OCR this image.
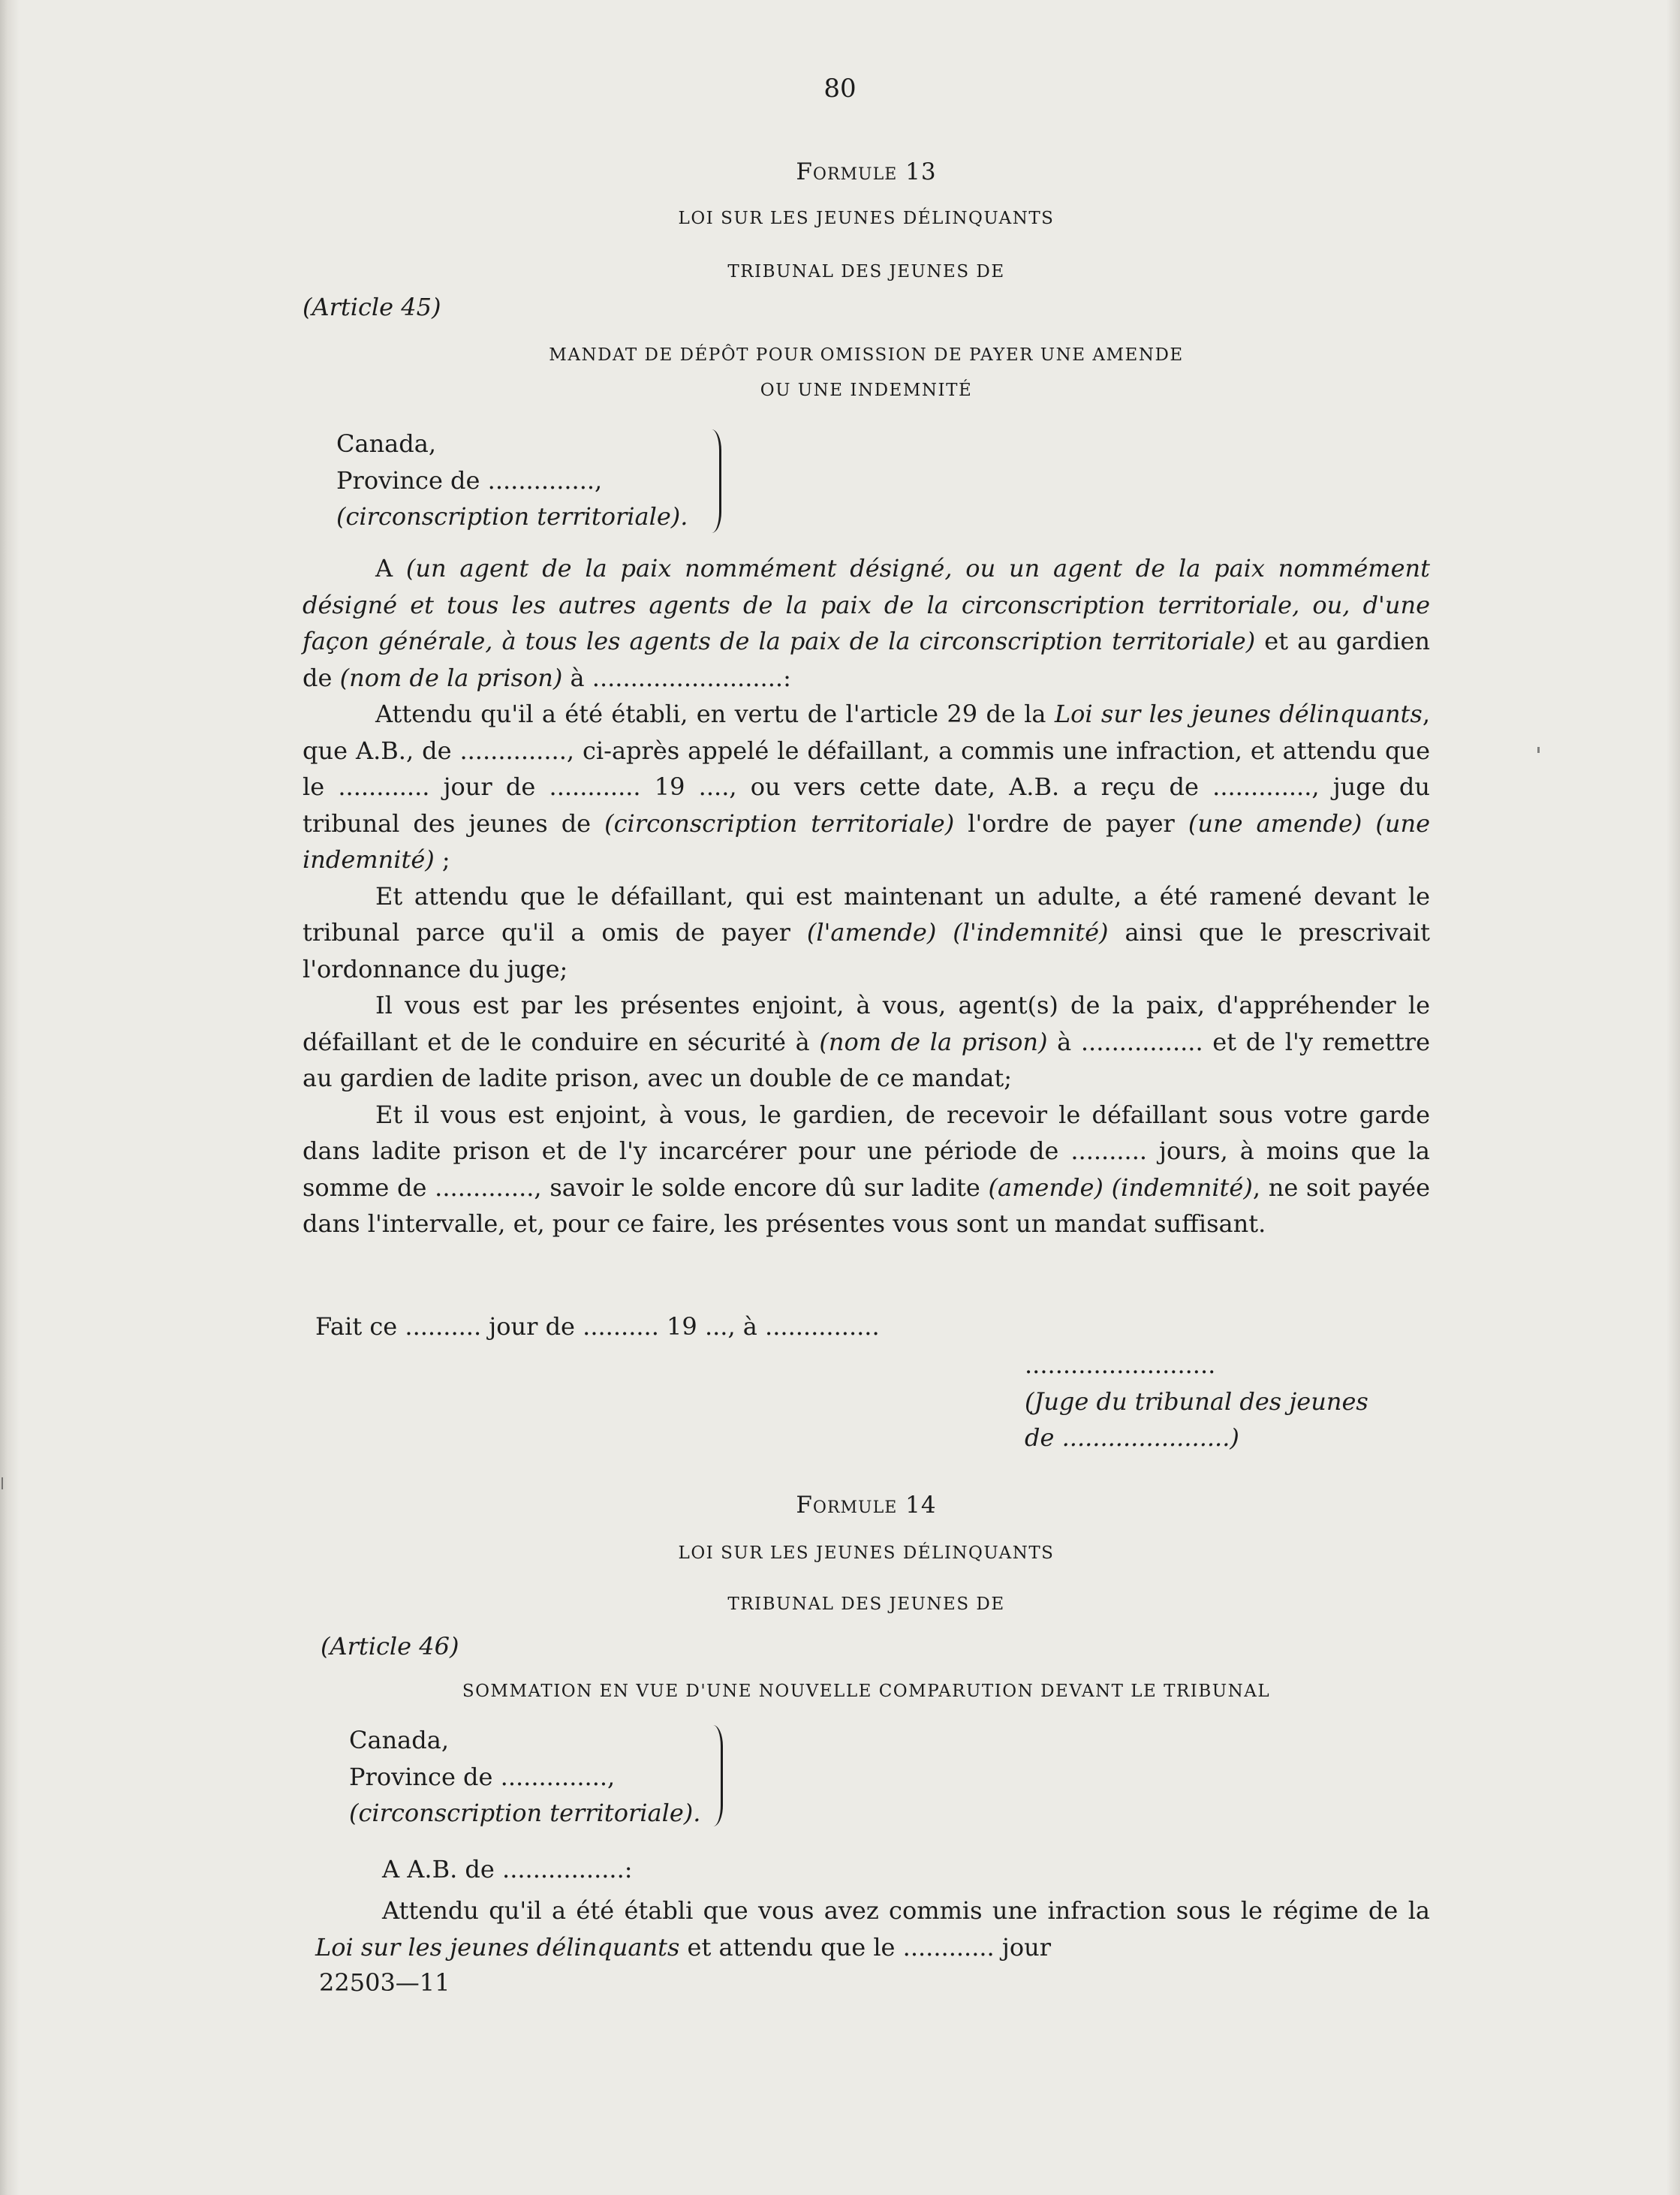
80
Formule 13
LOI SUR LES JEUNES DÉLINQUANTS
TRIBUNAL DES JEUNES DE
(Article 45)
MANDAT DE DÉPÔT POUR OMISSION DE PAYER UNE AMENDE
OU UNE INDEMNITÉ
Canada,
Province de ..............,
(circonscription territoriale).

A (un agent de la paix nommément désigné, ou un agent de la paix nommément désigné et tous les autres agents de la paix de la circonscription territoriale, ou, d'une façon générale, à tous les agents de la paix de la circonscription territoriale) et au gardien de (nom de la prison) à .........................:

Attendu qu'il a été établi, en vertu de l'article 29 de la Loi sur les jeunes délinquants, que A.B., de .............., ci-après appelé le défaillant, a commis une infraction, et attendu que le ............ jour de ............ 19 ...., ou vers cette date, A.B. a reçu de ............., juge du tribunal des jeunes de (circonscription territoriale) l'ordre de payer (une amende) (une indemnité) ;

Et attendu que le défaillant, qui est maintenant un adulte, a été ramené devant le tribunal parce qu'il a omis de payer (l'amende) (l'indemnité) ainsi que le prescrivait l'ordonnance du juge;

Il vous est par les présentes enjoint, à vous, agent(s) de la paix, d'appréhender le défaillant et de le conduire en sécurité à (nom de la prison) à ................ et de l'y remettre au gardien de ladite prison, avec un double de ce mandat;

Et il vous est enjoint, à vous, le gardien, de recevoir le défaillant sous votre garde dans ladite prison et de l'y incarcérer pour une période de .......... jours, à moins que la somme de ............., savoir le solde encore dû sur ladite (amende) (indemnité), ne soit payée dans l'intervalle, et, pour ce faire, les présentes vous sont un mandat suffisant.

Fait ce .......... jour de .......... 19 ..., à ...............
.........................
(Juge du tribunal des jeunes
de ......................)
Formule 14
LOI SUR LES JEUNES DÉLINQUANTS
TRIBUNAL DES JEUNES DE
(Article 46)
SOMMATION EN VUE D'UNE NOUVELLE COMPARUTION DEVANT LE TRIBUNAL
Canada,
Province de ..............,
(circonscription territoriale).
A A.B. de ................:

Attendu qu'il a été établi que vous avez commis une infraction sous le régime de la Loi sur les jeunes délinquants et attendu que le ............ jour

22503—11
